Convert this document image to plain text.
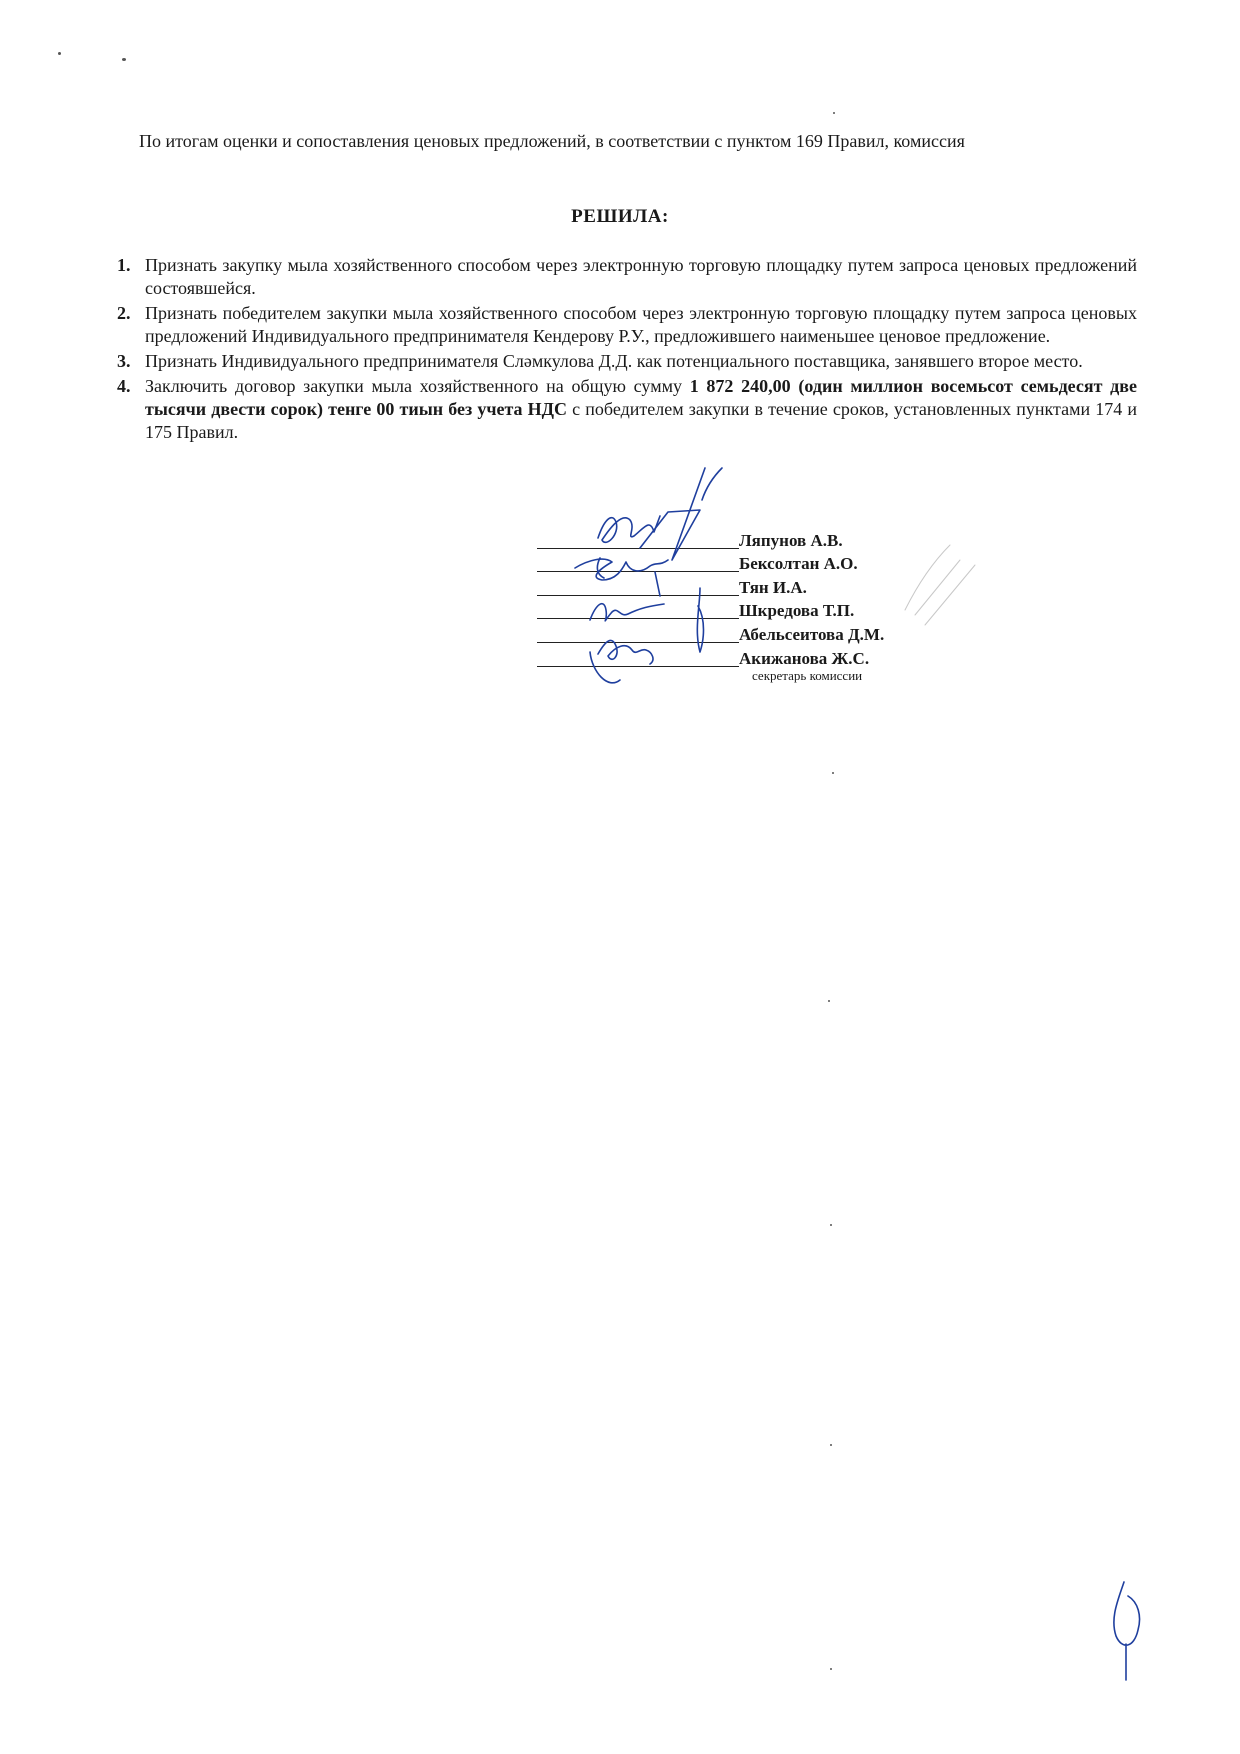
По итогам оценки и сопоставления ценовых предложений, в соответствии с пунктом 169 Правил, комиссия

РЕШИЛА:

1. Признать закупку мыла хозяйственного способом через электронную торговую площадку путем запроса ценовых предложений состоявшейся.
2. Признать победителем закупки мыла хозяйственного способом через электронную торговую площадку путем запроса ценовых предложений Индивидуального предпринимателя Кендерову Р.У., предложившего наименьшее ценовое предложение.
3. Признать Индивидуального предпринимателя Сләмкулова Д.Д. как потенциального поставщика, занявшего второе место.
4. Заключить договор закупки мыла хозяйственного на общую сумму 1 872 240,00 (один миллион восемьсот семьдесят две тысячи двести сорок) тенге 00 тиын без учета НДС с победителем закупки в течение сроков, установленных пунктами 174 и 175 Правил.
Ляпунов А.В.
Бексолтан А.О.
Тян И.А.
Шкредова Т.П.
Абельсеитова Д.М.
Акижанова Ж.С.
секретарь комиссии
